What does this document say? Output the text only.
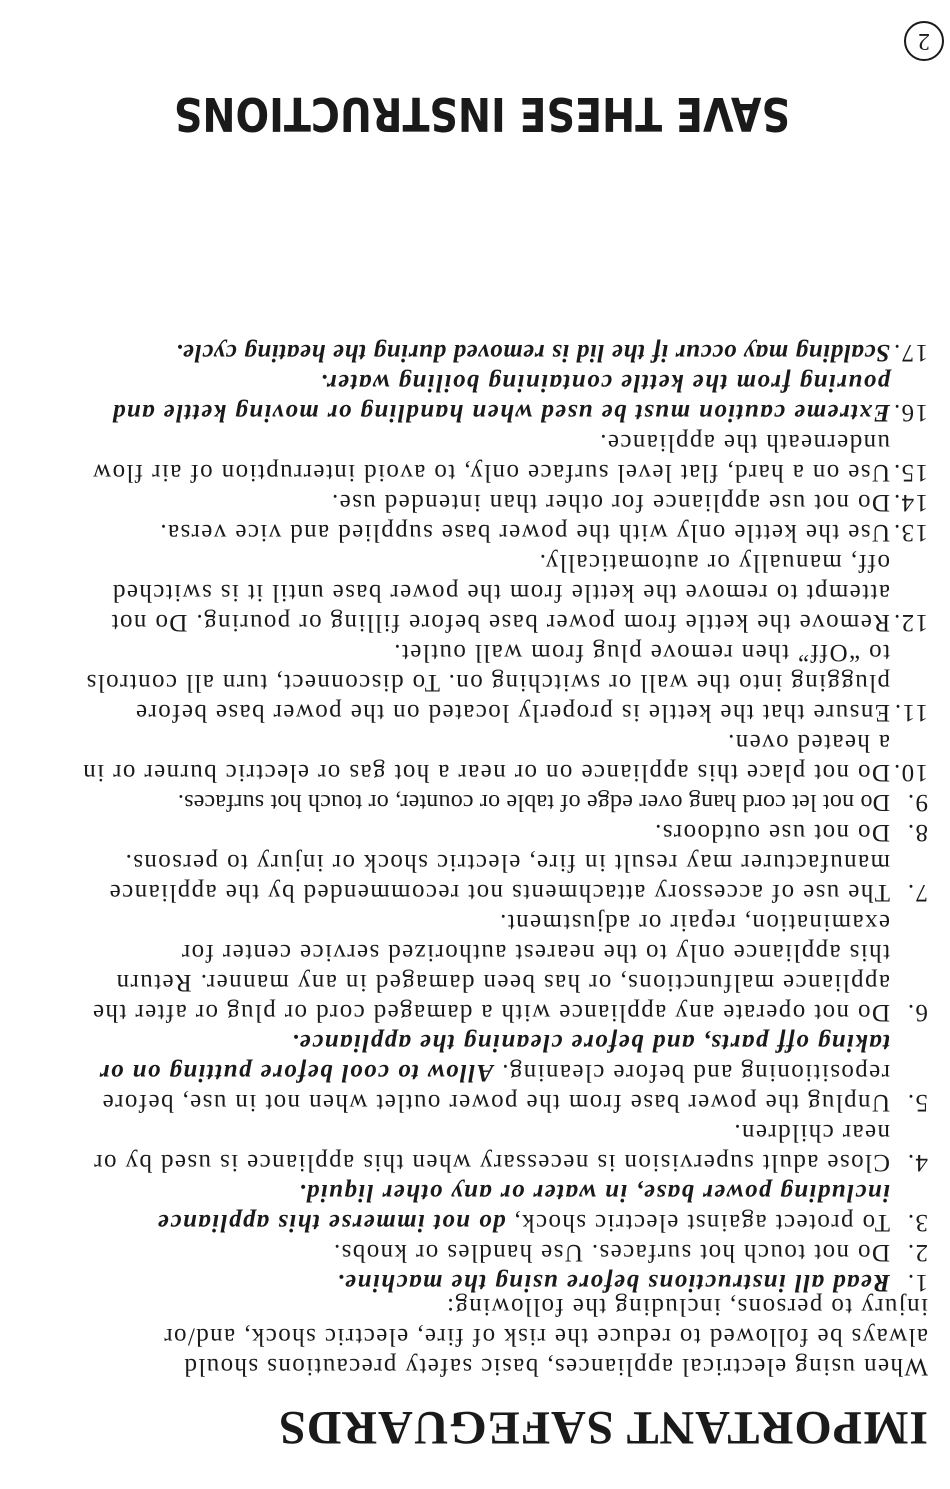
IMPORTANT SAFEGUARDS

When using electrical appliances, basic safety precautions should always be followed to reduce the risk of fire, electric shock, and/or injury to persons, including the following:

1.
Read all instructions before using the machine.
2.
Do not touch hot surfaces. Use handles or knobs.
3.
To protect against electric shock, do not immerse this appliance including power base, in water or any other liquid.
4.
Close adult supervision is necessary when this appliance is used by or near children.
5.
Unplug the power base from the power outlet when not in use, before repositioning and before cleaning. Allow to cool before putting on or taking off parts, and before cleaning the appliance.
6.
Do not operate any appliance with a damaged cord or plug or after the appliance malfunctions, or has been damaged in any manner. Return this appliance only to the nearest authorized service center for examination, repair or adjustment.
7.
The use of accessory attachments not recommended by the appliance manufacturer may result in fire, electric shock or injury to persons.
8.
Do not use outdoors.
9.
Do not let cord hang over edge of table or counter, or touch hot surfaces.
10.
Do not place this appliance on or near a hot gas or electric burner or in a heated oven.
11.
Ensure that the kettle is properly located on the power base before plugging into the wall or switching on. To disconnect, turn all controls to “Off” then remove plug from wall outlet.
12.
Remove the kettle from power base before filling or pouring. Do not attempt to remove the kettle from the power base until it is switched off, manually or automatically.
13.
Use the kettle only with the power base supplied and vice versa.
14.
Do not use appliance for other than intended use.
15.
Use on a hard, flat level surface only, to avoid interruption of air flow underneath the appliance.
16.
Extreme caution must be used when handling or moving kettle and pouring from the kettle containing boiling water.
17.
Scalding may occur if the lid is removed during the heating cycle.
SAVE THESE INSTRUCTIONS
2
